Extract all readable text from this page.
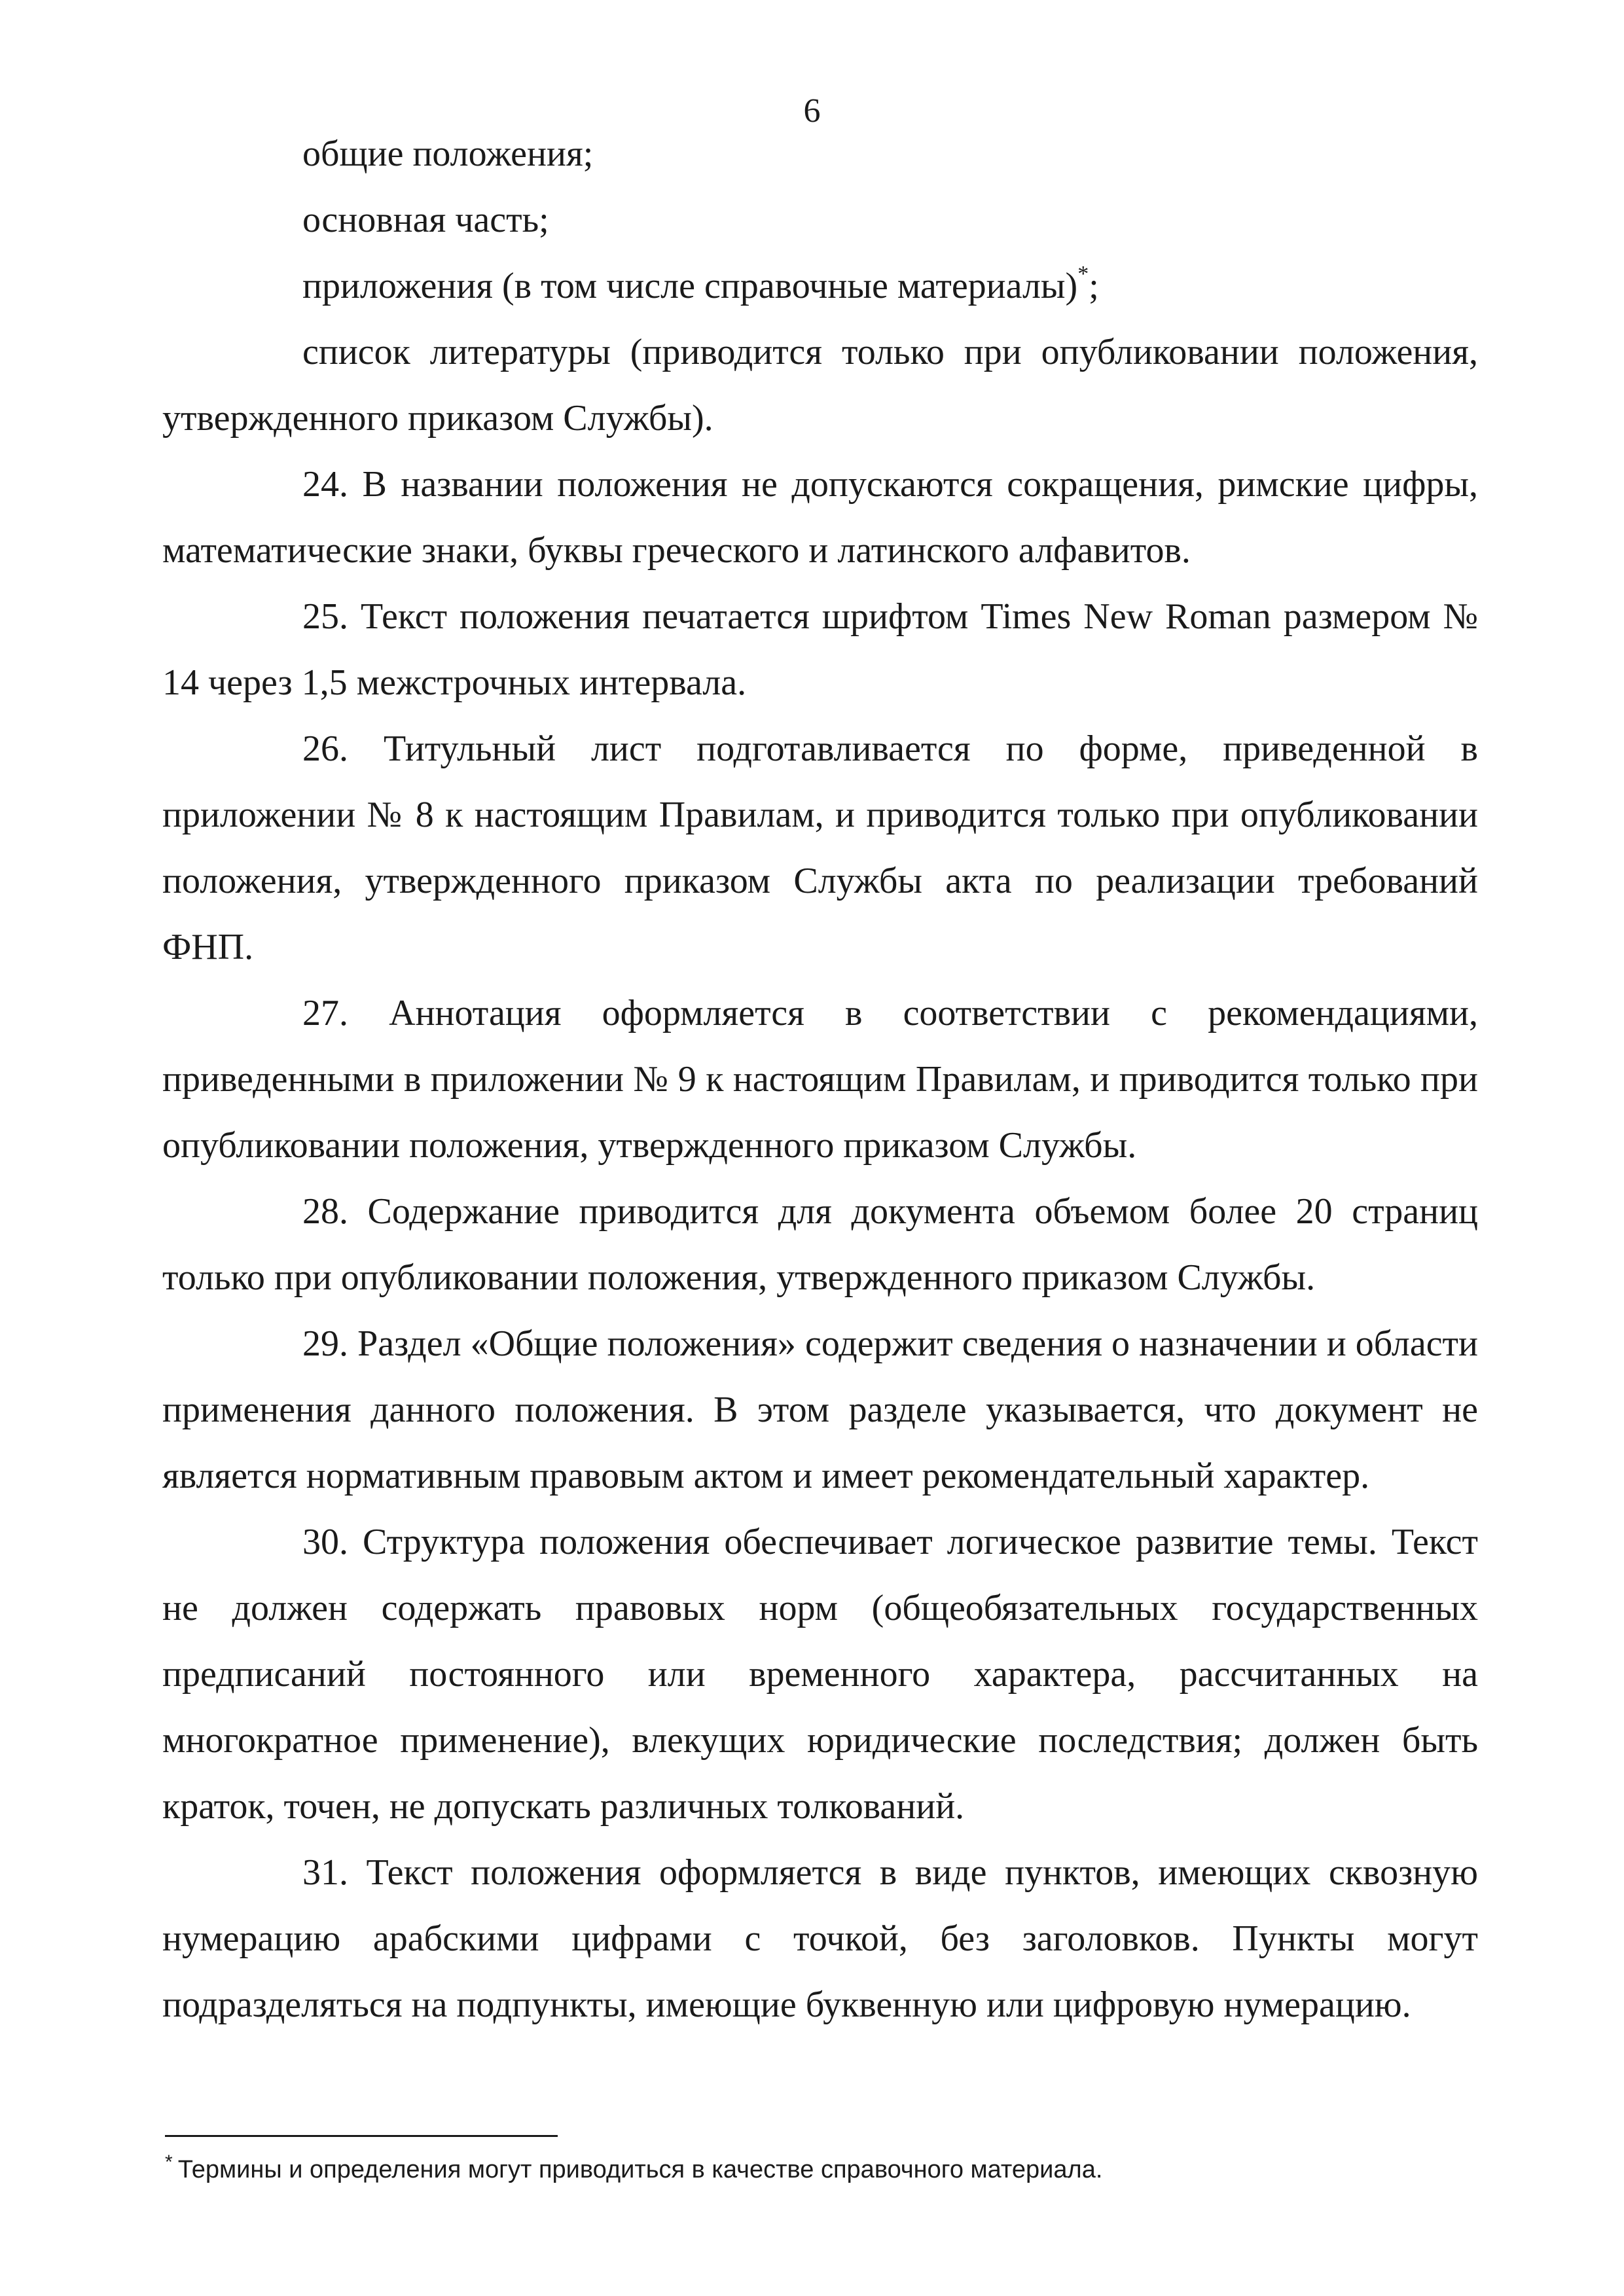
6

общие положения;

основная часть;

приложения (в том числе справочные материалы)*;

список литературы (приводится только при опубликовании положения, утвержденного приказом Службы).

24. В названии положения не допускаются сокращения, римские цифры, математические знаки, буквы греческого и латинского алфавитов.

25. Текст положения печатается шрифтом Times New Roman размером № 14 через 1,5 межстрочных интервала.

26. Титульный лист подготавливается по форме, приведенной в приложении № 8 к настоящим Правилам, и приводится только при опубликовании положения, утвержденного приказом Службы акта по реализации требований ФНП.

27. Аннотация оформляется в соответствии с рекомендациями, приведенными в приложении № 9 к настоящим Правилам, и приводится только при опубликовании положения, утвержденного приказом Службы.

28. Содержание приводится для документа объемом более 20 страниц только при опубликовании положения, утвержденного приказом Службы.

29. Раздел «Общие положения» содержит сведения о назначении и области применения данного положения. В этом разделе указывается, что документ не является нормативным правовым актом и имеет рекомендательный характер.

30. Структура положения обеспечивает логическое развитие темы. Текст не должен содержать правовых норм (общеобязательных государственных предписаний постоянного или временного характера, рассчитанных на многократное применение), влекущих юридические последствия; должен быть краток, точен, не допускать различных толкований.

31. Текст положения оформляется в виде пунктов, имеющих сквозную нумерацию арабскими цифрами с точкой, без заголовков. Пункты могут подразделяться на подпункты, имеющие буквенную или цифровую нумерацию.

* Термины и определения могут приводиться в качестве справочного материала.
